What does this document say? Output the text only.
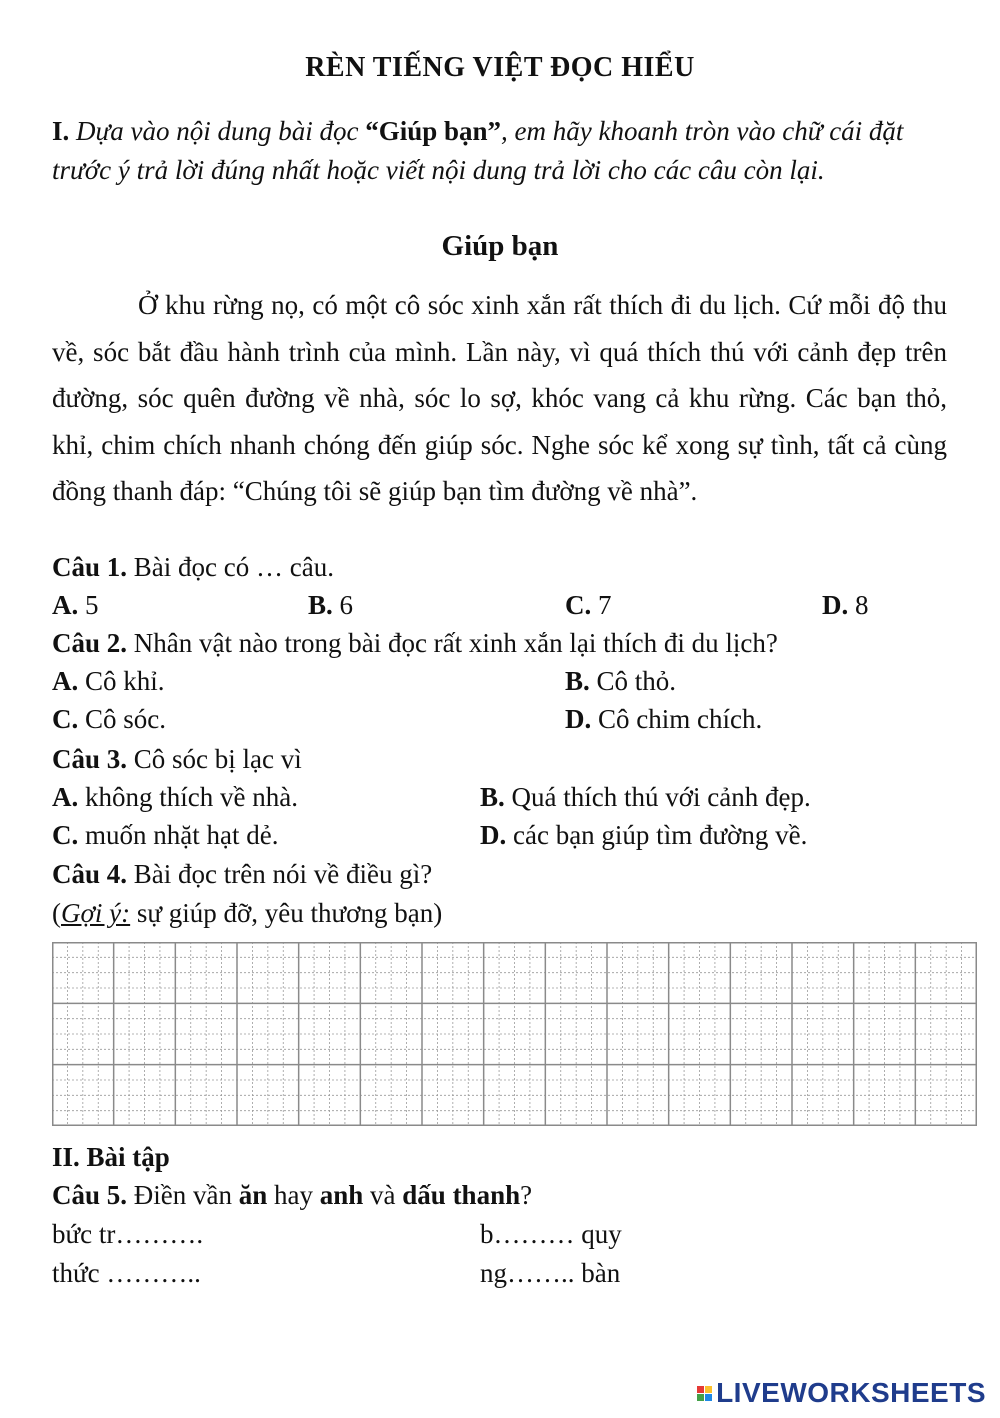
RÈN TIẾNG VIỆT ĐỌC HIỂU
I. Dựa vào nội dung bài đọc “Giúp bạn”, em hãy khoanh tròn vào chữ cái đặt trước ý trả lời đúng nhất hoặc viết nội dung trả lời cho các câu còn lại.
Giúp bạn

Ở khu rừng nọ, có một cô sóc xinh xắn rất thích đi du lịch. Cứ mỗi độ thu về, sóc bắt đầu hành trình của mình. Lần này, vì quá thích thú với cảnh đẹp trên đường, sóc quên đường về nhà, sóc lo sợ, khóc vang cả khu rừng. Các bạn thỏ, khỉ, chim chích nhanh chóng đến giúp sóc. Nghe sóc kể xong sự tình, tất cả cùng đồng thanh đáp: “Chúng tôi sẽ giúp bạn tìm đường về nhà”.

Câu 1. Bài đọc có … câu.
A. 5	B. 6	C. 7	D. 8
Câu 2. Nhân vật nào trong bài đọc rất xinh xắn lại thích đi du lịch?
A. Cô khỉ.	B. Cô thỏ.
C. Cô sóc.	D. Cô chim chích.
Câu 3. Cô sóc bị lạc vì
A. không thích về nhà.	B. Quá thích thú với cảnh đẹp.
C. muốn nhặt hạt dẻ.	D. các bạn giúp tìm đường về.
Câu 4. Bài đọc trên nói về điều gì?
(Gợi ý: sự giúp đỡ, yêu thương bạn)
II. Bài tập
Câu 5. Điền vần ăn hay anh và dấu thanh?
bức tr……….	b……… quy
thức ………..	ng…….. bàn
LIVEWORKSHEETS
